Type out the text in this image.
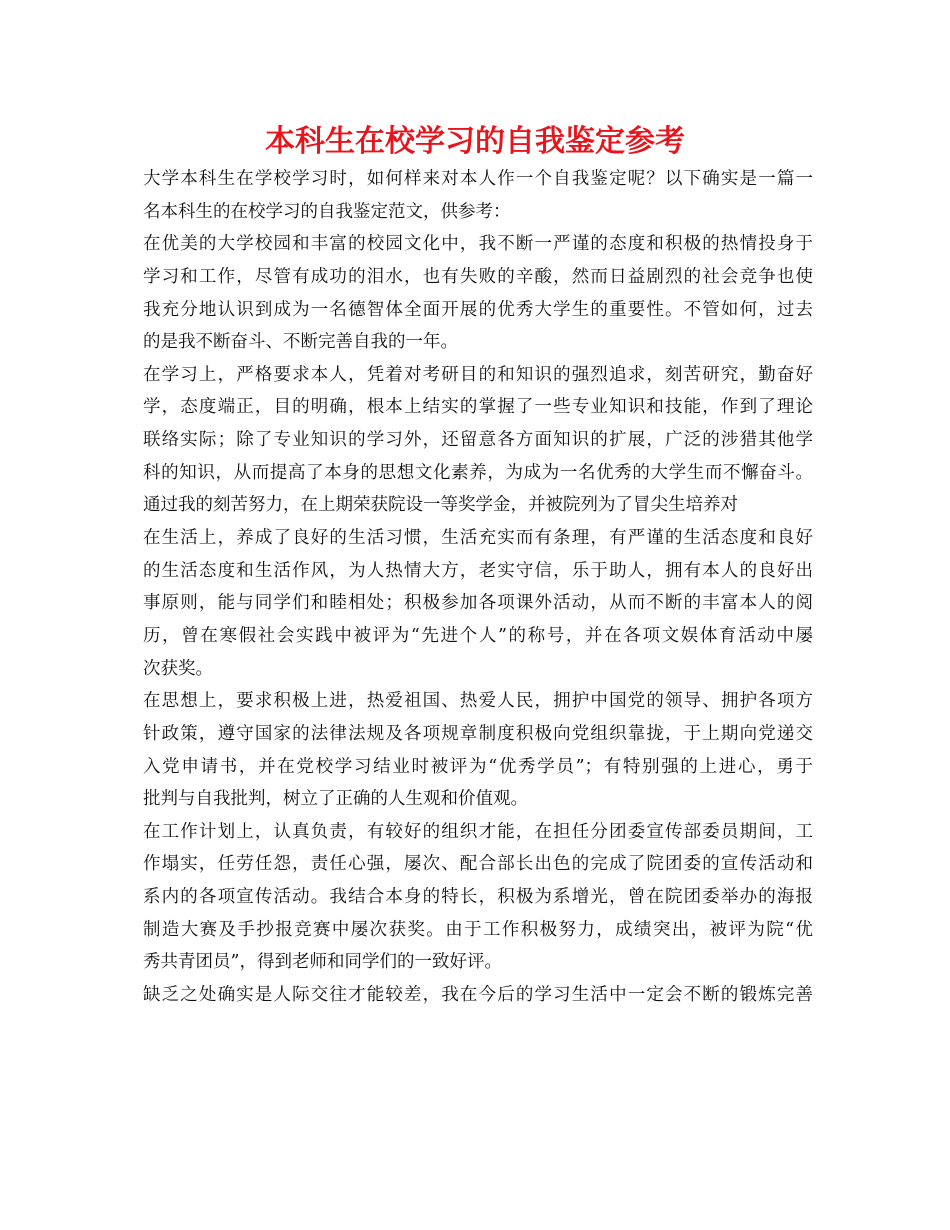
本科生在校学习的自我鉴定参考
大学本科生在学校学习时，如何样来对本人作一个自我鉴定呢？以下确实是一篇一
名本科生的在校学习的自我鉴定范文，供参考：
在优美的大学校园和丰富的校园文化中，我不断一严谨的态度和积极的热情投身于
学习和工作，尽管有成功的泪水，也有失败的辛酸，然而日益剧烈的社会竞争也使
我充分地认识到成为一名德智体全面开展的优秀大学生的重要性。不管如何，过去
的是我不断奋斗、不断完善自我的一年。
在学习上，严格要求本人，凭着对考研目的和知识的强烈追求，刻苦研究，勤奋好
学，态度端正，目的明确，根本上结实的掌握了一些专业知识和技能，作到了理论
联络实际；除了专业知识的学习外，还留意各方面知识的扩展，广泛的涉猎其他学
科的知识，从而提高了本身的思想文化素养，为成为一名优秀的大学生而不懈奋斗。
通过我的刻苦努力，在上期荣获院设一等奖学金，并被院列为了冒尖生培养对
在生活上，养成了良好的生活习惯，生活充实而有条理，有严谨的生活态度和良好
的生活态度和生活作风，为人热情大方，老实守信，乐于助人，拥有本人的良好出
事原则，能与同学们和睦相处；积极参加各项课外活动，从而不断的丰富本人的阅
历，曾在寒假社会实践中被评为“先进个人”的称号，并在各项文娱体育活动中屡
次获奖。
在思想上，要求积极上进，热爱祖国、热爱人民，拥护中国党的领导、拥护各项方
针政策，遵守国家的法律法规及各项规章制度积极向党组织靠拢，于上期向党递交
入党申请书，并在党校学习结业时被评为“优秀学员”；有特别强的上进心，勇于
批判与自我批判，树立了正确的人生观和价值观。
在工作计划上，认真负责，有较好的组织才能，在担任分团委宣传部委员期间，工
作塌实，任劳任怨，责任心强，屡次、配合部长出色的完成了院团委的宣传活动和
系内的各项宣传活动。我结合本身的特长，积极为系增光，曾在院团委举办的海报
制造大赛及手抄报竞赛中屡次获奖。由于工作积极努力，成绩突出，被评为院“优
秀共青团员”，得到老师和同学们的一致好评。
缺乏之处确实是人际交往才能较差，我在今后的学习生活中一定会不断的锻炼完善
